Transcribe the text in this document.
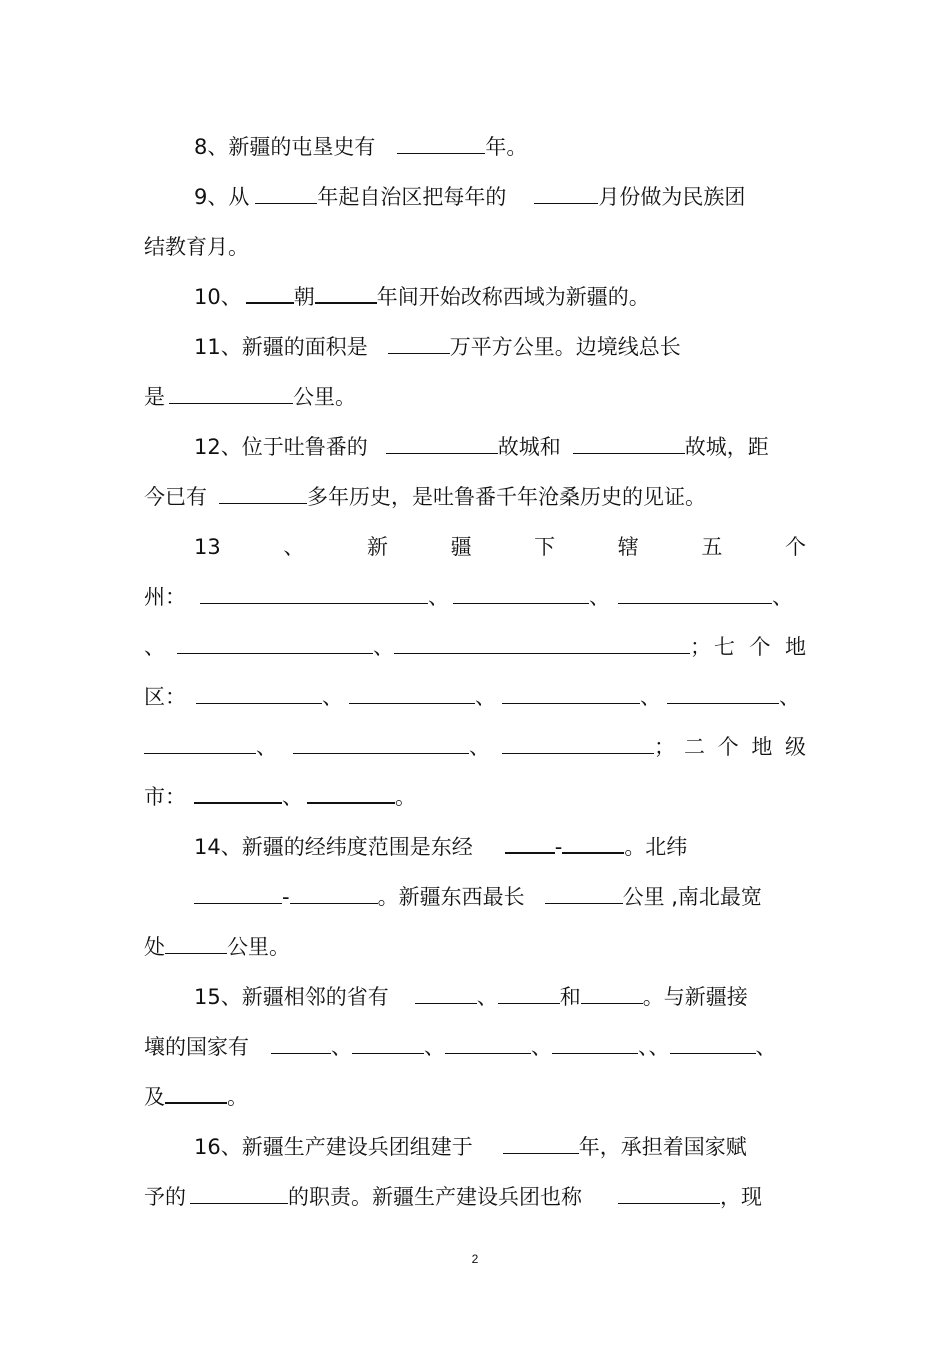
8、新疆的屯垦史有	年。
9、从	年起自治区把每年的	月份做为民族团
结教育月。
10、 朝	年间开始改称西域为新疆的。
11、新疆的面积是	万平方公里。边境线总长
是	公里。
12、位于吐鲁番的	故城和	故城，距
今已有	多年历史，是吐鲁番千年沧桑历史的见证。
13	、	新	疆	下	辖	五	个
州：	、	、	、
、	、	； 七 个 地
区：	、	、	、	、
、	、	； 二 个 地 级
市：	、	。
14、新疆的经纬度范围是东经	-	。北纬
-	。新疆东西最长	公里 ,南北最宽
处	公里。
15、新疆相邻的省有	、	和	。与新疆接
壤的国家有	、	、	、	、、	、
及	。
16、新疆生产建设兵团组建于	年，承担着国家赋
予的	的职责。新疆生产建设兵团也称	，现
2
